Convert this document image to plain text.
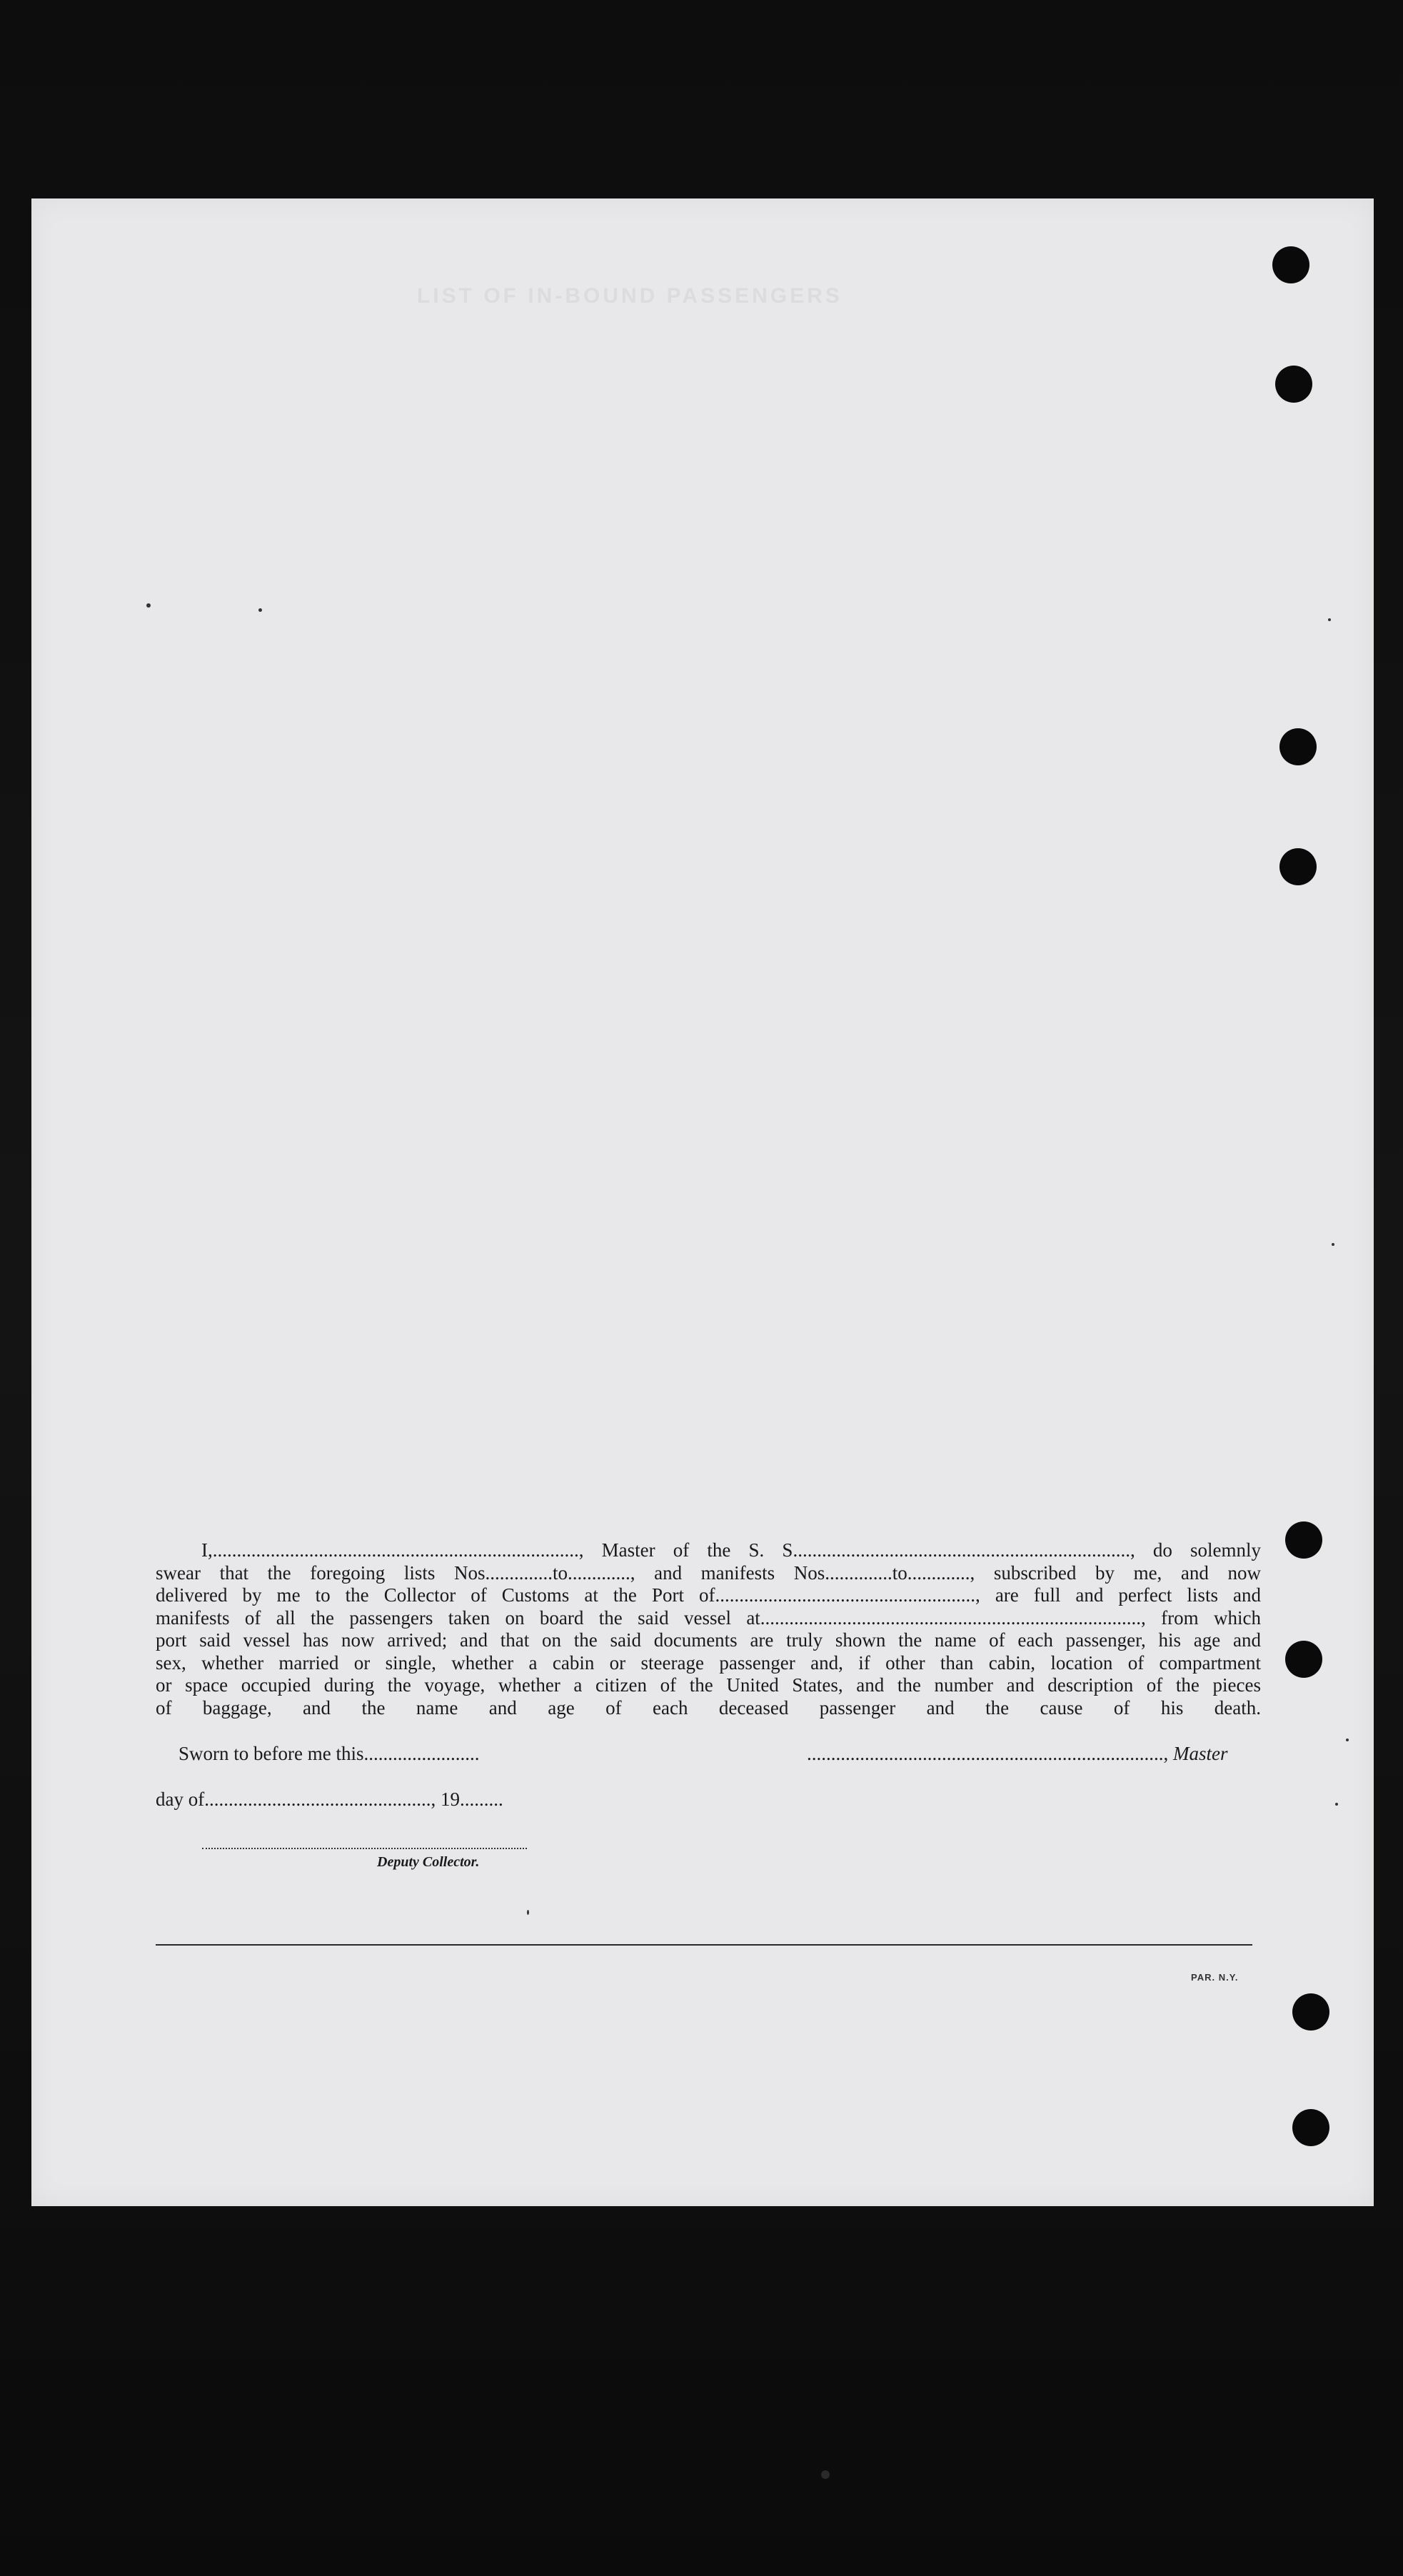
LIST OF IN-BOUND PASSENGERS
I,............................................................................, Master of the S. S......................................................................, do solemnly
swear that the foregoing lists Nos..............to............., and manifests Nos..............to............., subscribed by me, and now
delivered by me to the Collector of Customs at the Port of......................................................, are full and perfect lists and
manifests of all the passengers taken on board the said vessel at..............................................................................., from which
port said vessel has now arrived; and that on the said documents are truly shown the name of each passenger, his age and
sex, whether married or single, whether a cabin or steerage passenger and, if other than cabin, location of compartment
or space occupied during the voyage, whether a citizen of the United States, and the number and description of the pieces
of baggage, and the name and age of each deceased passenger and the cause of his death.
Sworn to before me this........................	.........................................................................., Master
day of..............................................., 19.........
Deputy Collector.
PAR. N.Y.
